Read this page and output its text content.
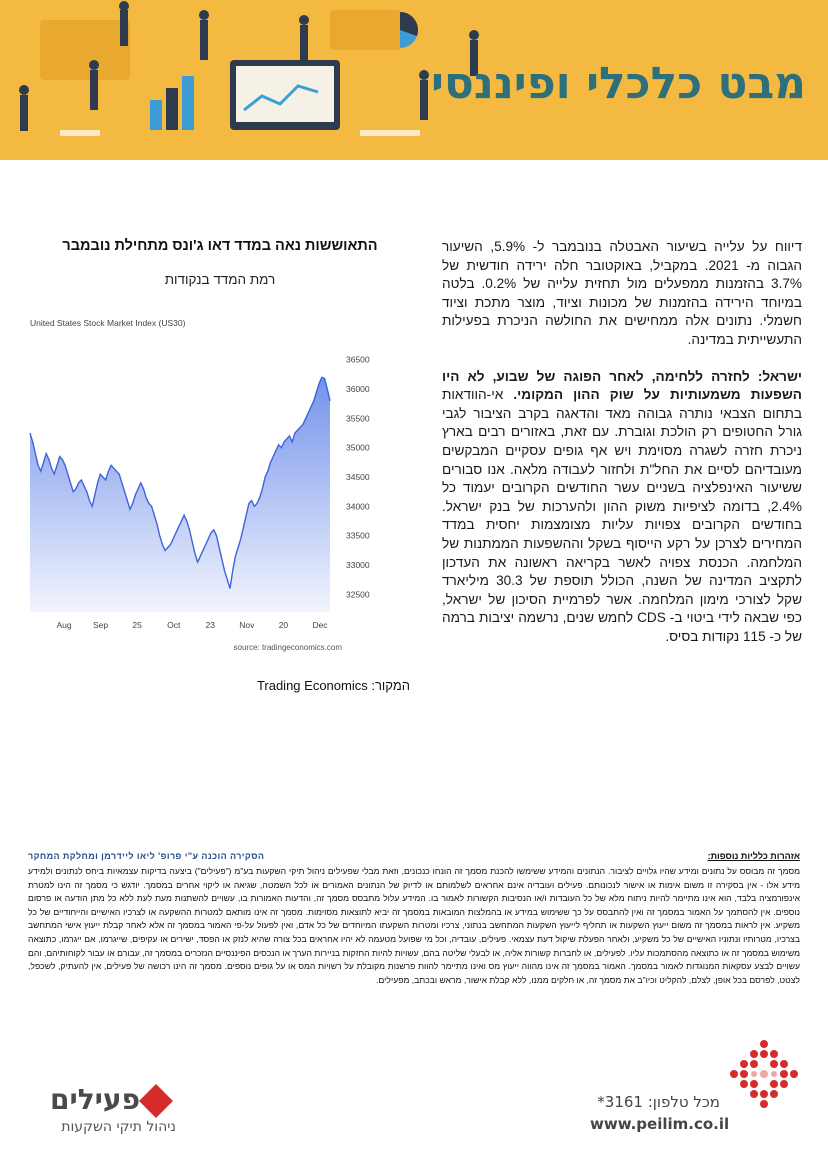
מבט כלכלי ופיננסי

דיווח על עלייה בשיעור האבטלה בנובמבר ל- 5.9%, השיעור הגבוה מ- 2021. במקביל, באוקטובר חלה ירידה חודשית של 3.7% בהזמנות ממפעלים מול תחזית עלייה של 0.2%. בלטה במיוחד הירידה בהזמנות של מכונות וציוד, מוצר מתכת וציוד חשמלי. נתונים אלה ממחישים את החולשה הניכרת בפעילות התעשייתית במדינה.

ישראל: לחזרה ללחימה, לאחר הפוגה של שבוע, לא היו השפעות משמעותיות על שוק ההון המקומי. אי-הוודאות בתחום הצבאי נותרה גבוהה מאד והדאגה בקרב הציבור לגבי גורל החטופים רק הולכת וגוברת. עם זאת, באזורים רבים בארץ ניכרת חזרה לשגרה מסוימת ויש אף גופים עסקיים המבקשים מעובדיהם לסיים את החל"ת ולחזור לעבודה מלאה. אנו סבורים ששיעור האינפלציה בשניים עשר החודשים הקרובים יעמוד כל 2.4%, בדומה לציפיות משוק ההון ולהערכות של בנק ישראל. בחודשים הקרובים צפויות עליות מצומצמות יחסית במדד המחירים לצרכן על רקע הייסוף בשקל וההשפעות הממתנות של המלחמה. הכנסת צפויה לאשר בקריאה ראשונה את העדכון לתקציב המדינה של השנה, הכולל תוספת של 30.3 מיליארד שקל לצורכי מימון המלחמה. אשר לפרמיית הסיכון של ישראל, כפי שבאה לידי ביטוי ב- CDS לחמש שנים, נרשמה יציבות ברמה של כ- 115 נקודות בסיס.

התאוששות נאה במדד דאו ג'ונס מתחילת נובמבר
רמת המדד בנקודות
United States Stock Market Index (US30)
32500
33000
33500
34000
34500
35000
35500
36000
36500
Aug	Sep	25	Oct	23	Nov	20	Dec
source: tradingeconomics.com
המקור: Trading Economics
אזהרות כלליות נוספות:
הסקירה הוכנה ע"י פרופ' ליאו ליידרמן ומחלקת המחקר
מסמך זה מבוסס על נתונים ומידע שהיו גלויים לציבור. הנתונים והמידע ששימשו להכנת מסמך זה הונחו כנכונים, וזאת מבלי שפעילים ניהול תיקי השקעות בע"מ ("פעילים") ביצעה בדיקות עצמאיות ביחס לנתונים ולמידע מידע אלו - אין בסקירה זו משום אימות או אישור לנכונותם. פעילים ועובדיה אינם אחראים לשלמותם או לדיוק של הנתונים האמורים או לכל השמטה, שגיאה או ליקוי אחרים במסמך. יודגש כי מסמך זה הינו למטרת אינפורמציה בלבד, הוא אינו מתיימר להיות ניתוח מלא של כל העובדות ו/או הנסיבות הקשורות לאמור בו. המידע עלול מתבסס מסמך זה, והדעות האמורות בו, עשויים להשתנות מעת לעת ללא כל מתן הודעה או פרסום נוספים. אין להסתמך על האמור במסמך זה ואין להתבסס על כך ששימוש במידע או בהמלצות המובאות במסמך זה יביא לתוצאות מסוימות. מסמך זה אינו מותאם למטרות ההשקעה או לצרכיו האישיים והייחודיים של כל משקיע. אין לראות במסמך זה משום ייעוץ השקעות או תחליף לייעוץ השקעות המתחשב בנתוני, צרכיו ומטרות השקעתו המיוחדים של כל אדם, ואין לפעול על-פי האמור במסמך זה אלא לאחר קבלת ייעוץ אישי המתחשב בצרכיו, מטרותיו ונתוניו האישיים של כל משקיע, ולאחר הפעלת שיקול דעת עצמאי. פעילים, עובדיה, וכל מי שפועל מטעמה לא יהיו אחראים בכל צורה שהיא לנזק או הפסד, ישירים או עקיפים, שייגרמו, אם ייגרמו, כתוצאה משימוש במסמך זה או כתוצאה מהסתמכות עליו. לפעילים, או לחברות קשורות אליה, או לבעלי שליטה בהם, עשויות להיות החזקות בניירות הערך או הנכסים הפיננסיים הנזכרים במסמך זה, עבורם או עבור לקוחותיהם, והם עשויים לבצע עסקאות המנוגדות לאמור במסמך. האמור במסמך זה אינו מהווה ייעוץ מס ואינו מתיימר להוות פרשנות מקובלת על רשויות המס או על גופים נוספים. מסמך זה הינו רכושה של פעילים, אין להעתיק, לשכפל, לצטט, לפרסם בכל אופן, לצלם, להקליט וכיו"ב את מסמך זה, או חלקים ממנו, ללא קבלת אישור, מראש ובכתב, מפעילים.
מכל טלפון: 3161*
www.peilim.co.il
פעילים
ניהול תיקי השקעות
